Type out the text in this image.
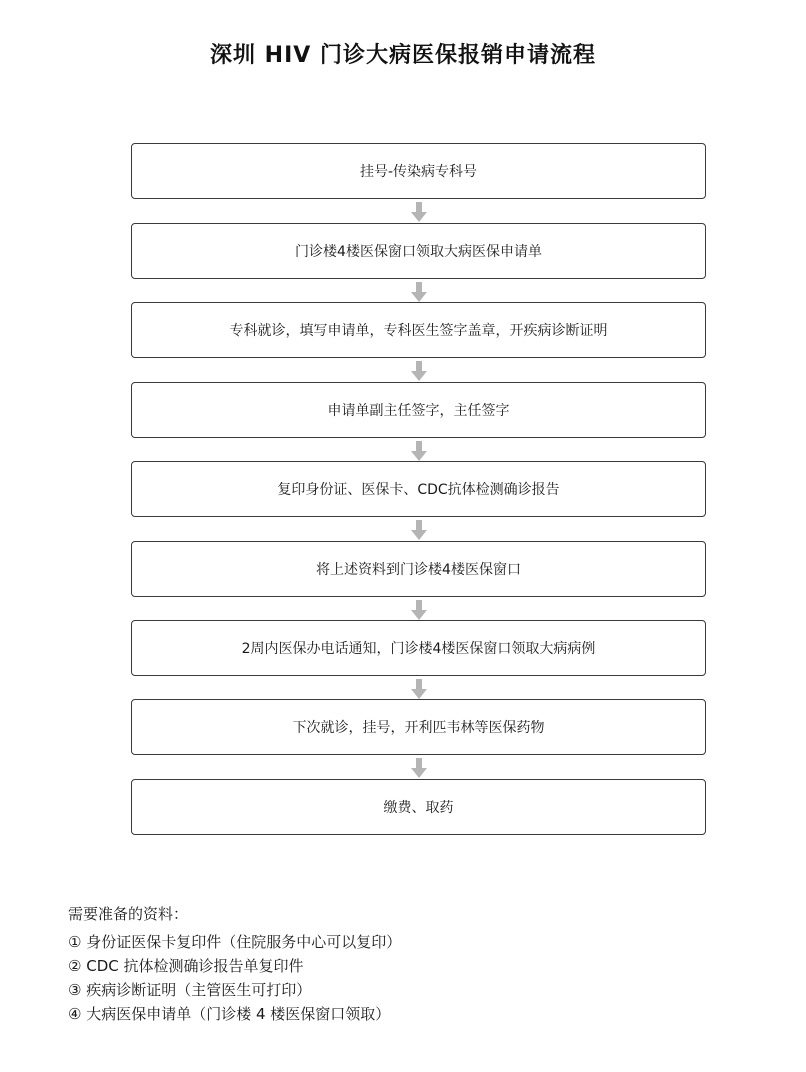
深圳 HIV 门诊大病医保报销申请流程
挂号-传染病专科号
门诊楼4楼医保窗口领取大病医保申请单
专科就诊，填写申请单，专科医生签字盖章，开疾病诊断证明
申请单副主任签字，主任签字
复印身份证、医保卡、CDC抗体检测确诊报告
将上述资料到门诊楼4楼医保窗口
2周内医保办电话通知，门诊楼4楼医保窗口领取大病病例
下次就诊，挂号，开利匹韦林等医保药物
缴费、取药
需要准备的资料：
① 身份证医保卡复印件（住院服务中心可以复印）
② CDC 抗体检测确诊报告单复印件
③ 疾病诊断证明（主管医生可打印）
④ 大病医保申请单（门诊楼 4 楼医保窗口领取）
